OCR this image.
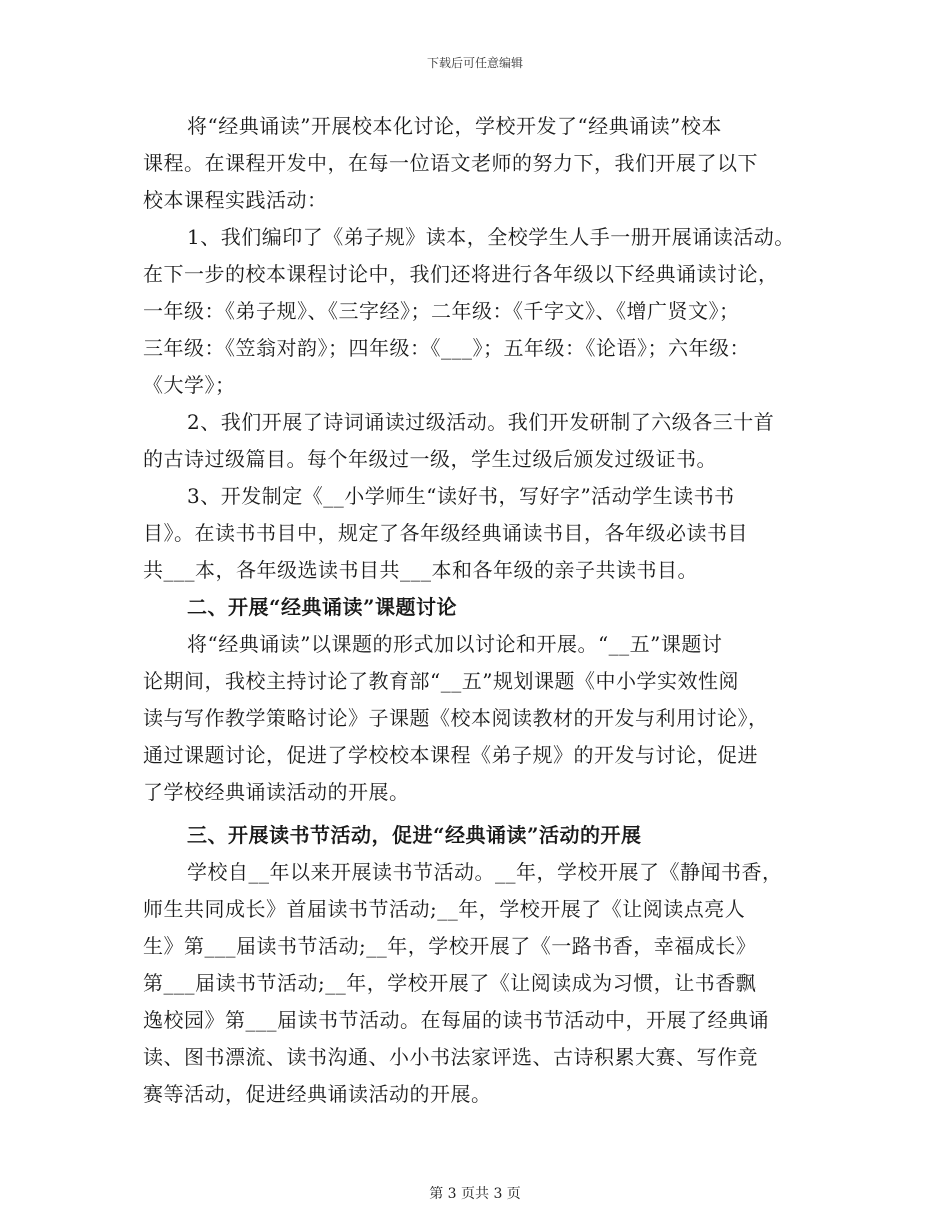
下载后可任意编辑
将“经典诵读”开展校本化讨论，学校开发了“经典诵读”校本
课程。在课程开发中，在每一位语文老师的努力下，我们开展了以下
校本课程实践活动：
1、我们编印了《弟子规》读本，全校学生人手一册开展诵读活动。
在下一步的校本课程讨论中，我们还将进行各年级以下经典诵读讨论，
一年级：《弟子规》、《三字经》；二年级：《千字文》、《增广贤文》；
三年级：《笠翁对韵》；四年级：《___》；五年级：《论语》；六年级：
《大学》；
2、我们开展了诗词诵读过级活动。我们开发研制了六级各三十首
的古诗过级篇目。每个年级过一级，学生过级后颁发过级证书。
3、开发制定《__小学师生“读好书，写好字”活动学生读书书
目》。在读书书目中，规定了各年级经典诵读书目，各年级必读书目
共___本，各年级选读书目共___本和各年级的亲子共读书目。
二、开展“经典诵读”课题讨论
将“经典诵读”以课题的形式加以讨论和开展。“__五”课题讨
论期间，我校主持讨论了教育部“__五”规划课题《中小学实效性阅
读与写作教学策略讨论》子课题《校本阅读教材的开发与利用讨论》，
通过课题讨论，促进了学校校本课程《弟子规》的开发与讨论，促进
了学校经典诵读活动的开展。
三、开展读书节活动，促进“经典诵读”活动的开展
学校自__年以来开展读书节活动。__年，学校开展了《静闻书香，
师生共同成长》首届读书节活动;__年，学校开展了《让阅读点亮人
生》第___届读书节活动;__年，学校开展了《一路书香，幸福成长》
第___届读书节活动;__年，学校开展了《让阅读成为习惯，让书香飘
逸校园》第___届读书节活动。在每届的读书节活动中，开展了经典诵
读、图书漂流、读书沟通、小小书法家评选、古诗积累大赛、写作竞
赛等活动，促进经典诵读活动的开展。
第 3 页共 3 页
